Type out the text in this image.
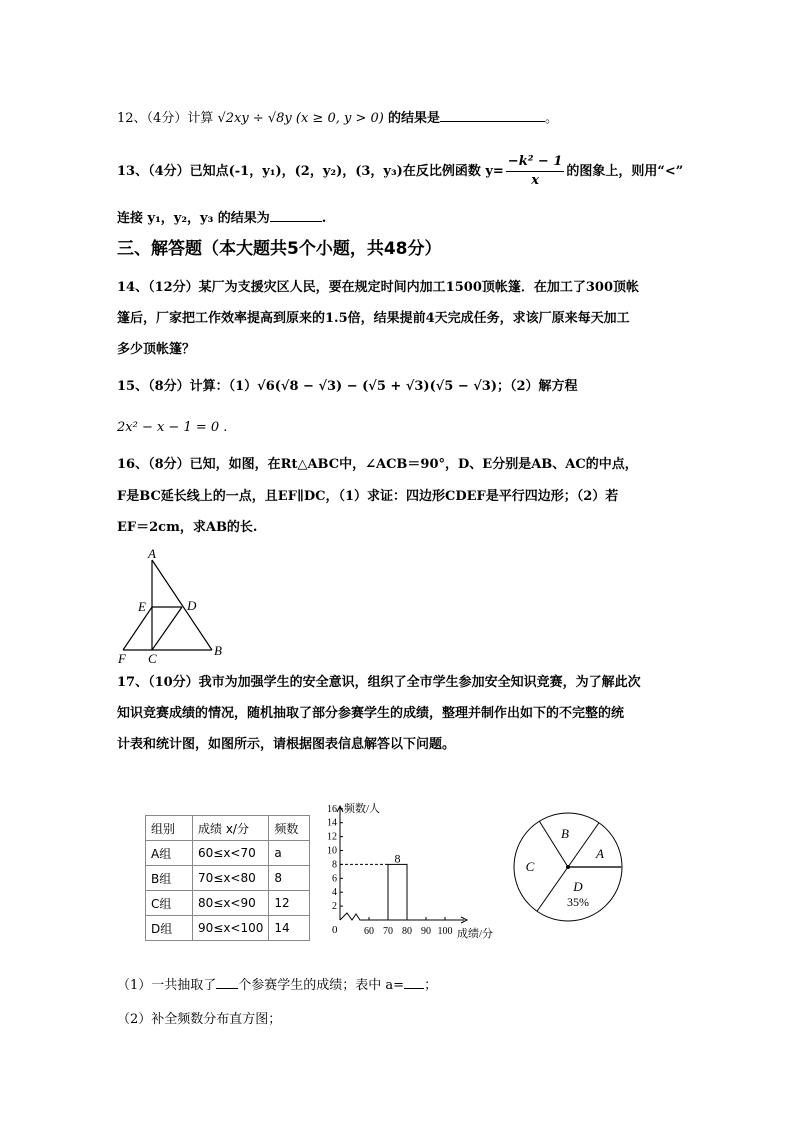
12、（4分）计算 √2xy ÷ √8y (x ≥ 0, y > 0) 的结果是	。
13、（4分）已知点(-1，y₁)，(2，y₂)，(3，y₃)在反比例函数 $y= \frac{\text{−k² − 1}}{x}$ 的图象上，则用“<”
连接 y₁，y₂，y₃ 的结果为	.
三、解答题（本大题共5个小题，共48分）
14、（12分）某厂为支援灾区人民，要在规定时间内加工1500顶帐篷．在加工了300顶帐
篷后，厂家把工作效率提高到原来的1.5倍，结果提前4天完成任务，求该厂原来每天加工
多少顶帐篷？
15、（8分）计算：（1）√6(√8 − √3) − (√5 + √3)(√5 − √3)；（2）解方程
2x² − x − 1 = 0 .
16、（8分）已知，如图，在Rt△ABC中，∠ACB＝90°，D、E分别是AB、AC的中点，
F是BC延长线上的一点，且EF∥DC，（1）求证：四边形CDEF是平行四边形；（2）若
EF＝2cm，求AB的长.
A
B
C
D
E
F
17、（10分）我市为加强学生的安全意识，组织了全市学生参加安全知识竞赛，为了解此次
知识竞赛成绩的情况，随机抽取了部分参赛学生的成绩，整理并制作出如下的不完整的统
计表和统计图，如图所示，请根据图表信息解答以下问题。
组别	成绩 x/分	频数
A组	60≤x<70	a
B组	70≤x<80	8
C组	80≤x<90	12
D组	90≤x<100	14
2
4
6
8
10
12
14
16
60 70 80 90 100
0
频数/人
成绩/分
8	A
B
C
D
35%
（1）一共抽取了 个参赛学生的成绩；表中 a= ；
（2）补全频数分布直方图；
